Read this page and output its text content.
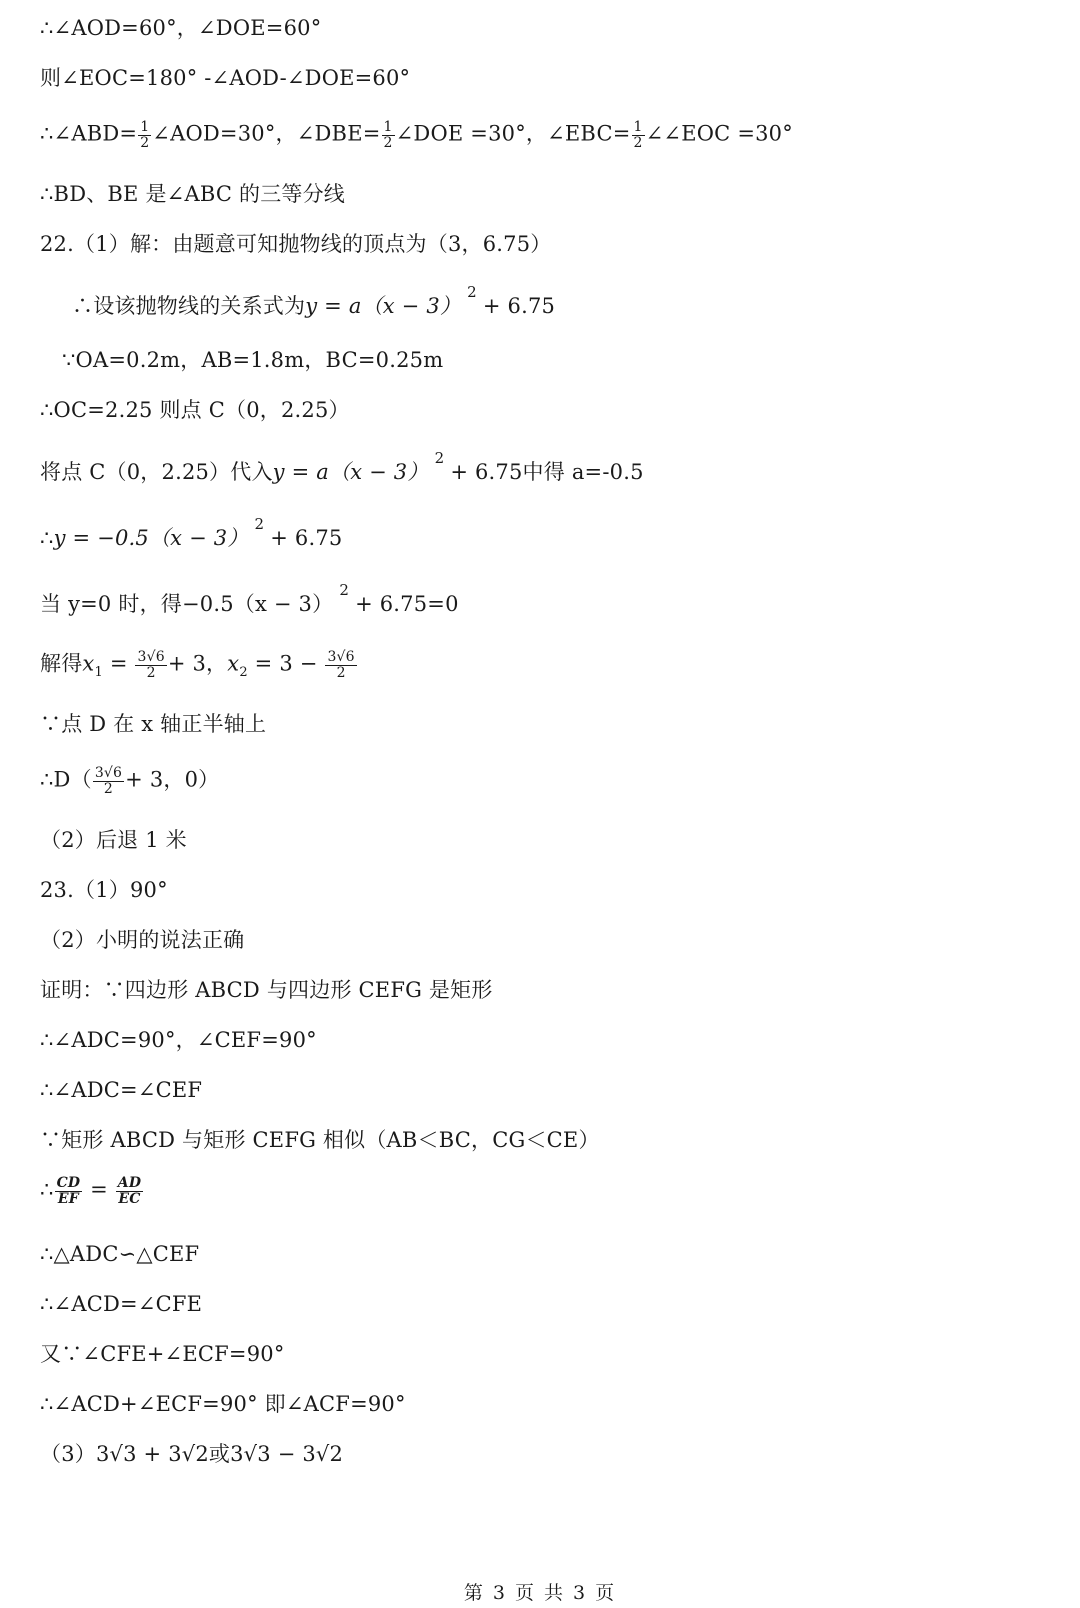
∴∠AOD=60°，∠DOE=60°
则∠EOC=180° -∠AOD-∠DOE=60°
∴∠ABD= $\frac{1}{2}$ ∠AOD=30°，∠DBE= $\frac{1}{2}$ ∠DOE =30°，∠EBC= $\frac{1}{2}$ ∠∠EOC =30°
∴BD、BE 是∠ABC 的三等分线
22.（1）解：由题意可知抛物线的顶点为（3，6.75）
∴设该抛物线的关系式为$y = a(x - 3)^2+ 6.75$
∵OA=0.2m，AB=1.8m，BC=0.25m
∴OC=2.25 则点 C（0，2.25）
将点 C（0，2.25）代入$y = a(x - 3)^2+ 6.75$中得 a=-0.5
∴y = $-0.5(x - 3)^2+ 6.75$
当 y=0 时，得$-0.5(x - 3)^2+ 6.75=0$
解得$x_1 = \frac{3√6}{2} + 3$，$x_2 = 3 - \frac{3√6}{2}$
∵点 D 在 x 轴正半轴上
∴D（ $\frac{3√6}{2} + 3$，0）
（2）后退 1 米
23.（1）90°
（2）小明的说法正确
证明：∵四边形 ABCD 与四边形 CEFG 是矩形
∴∠ADC=90°，∠CEF=90°
∴∠ADC=∠CEF
∵矩形 ABCD 与矩形 CEFG 相似（AB＜BC，CG＜CE）
∴ $\frac{CD}{EF} = \frac{AD}{EC}$
∴△ADC∽△CEF
∴∠ACD=∠CFE
又∵∠CFE+∠ECF=90°
∴∠ACD+∠ECF=90° 即∠ACF=90°
（3）3√3 + 3√2或3√3 − 3√2
第 3 页 共 3 页
